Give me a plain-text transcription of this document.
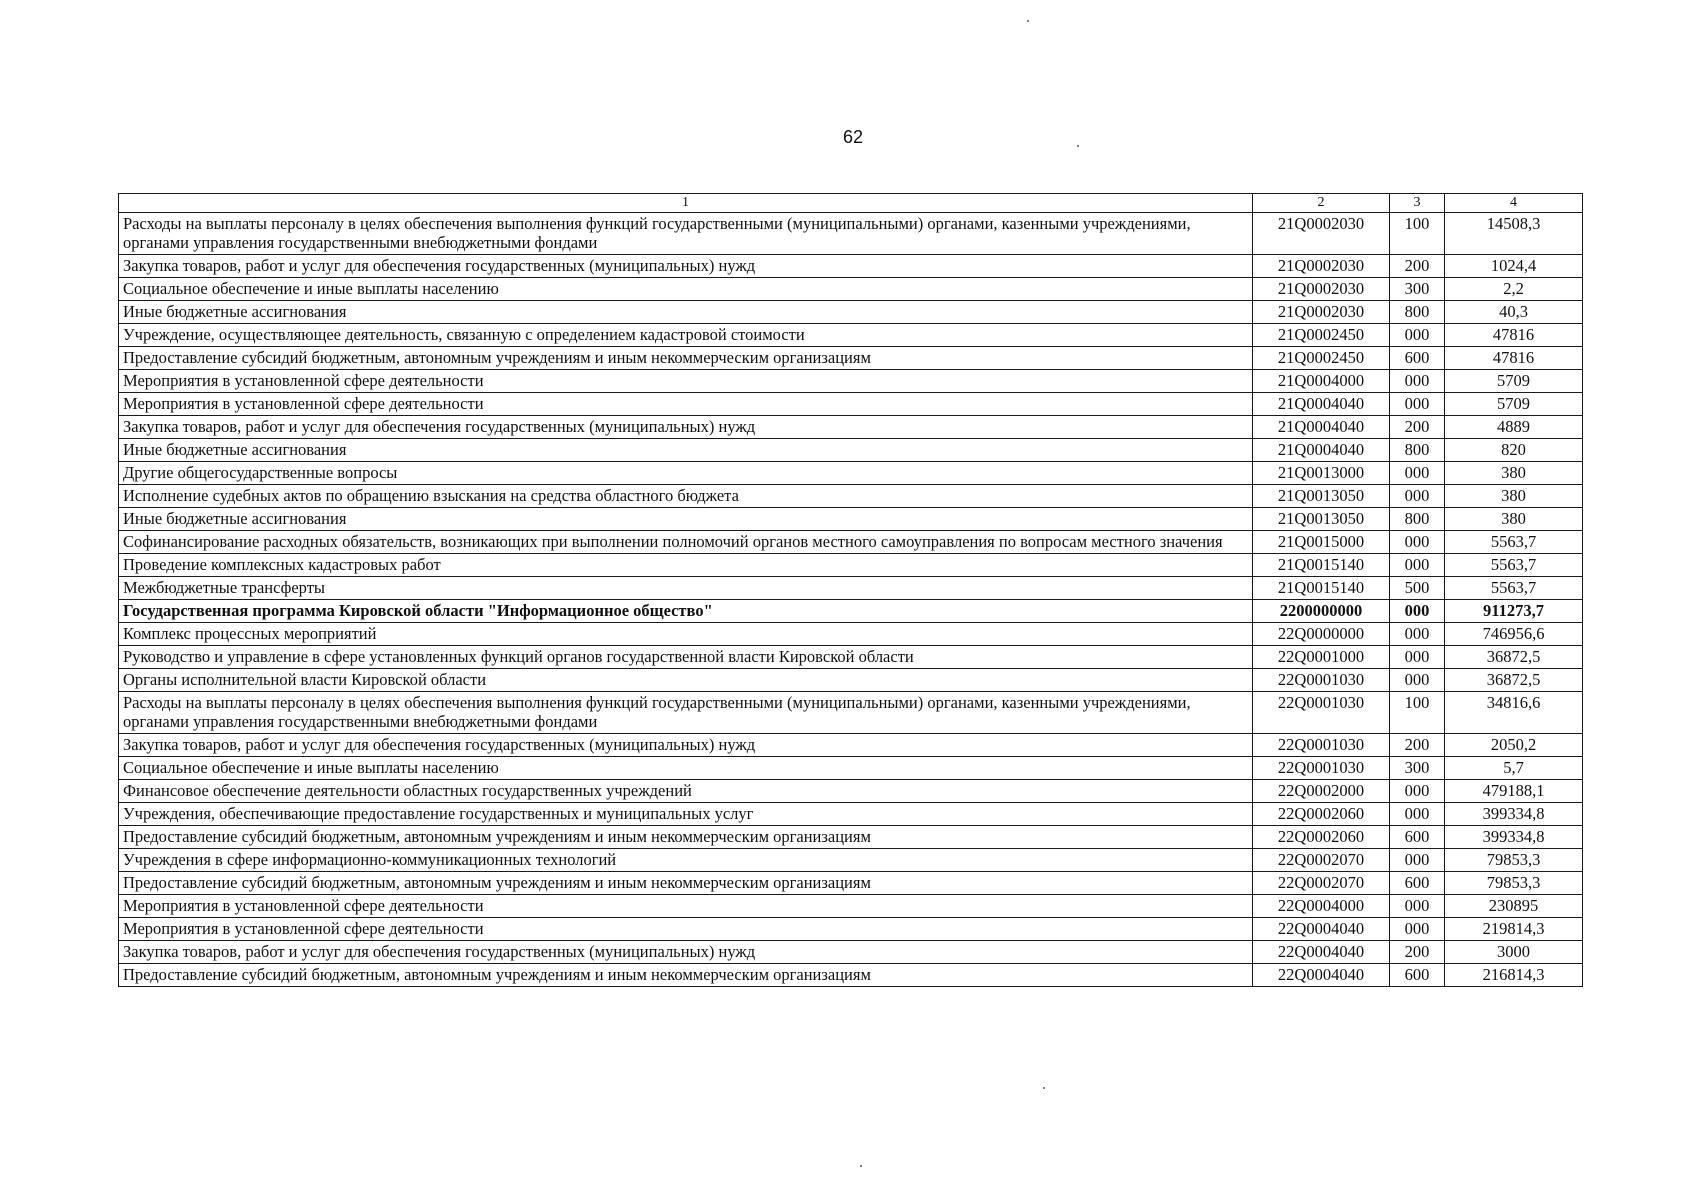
62
1	2	3	4
Расходы на выплаты персоналу в целях обеспечения выполнения функций государственными (муниципальными) органами, казенными учреждениями, органами управления государственными внебюджетными фондами	21Q0002030	100	14508,3
Закупка товаров, работ и услуг для обеспечения государственных (муниципальных) нужд	21Q0002030	200	1024,4
Социальное обеспечение и иные выплаты населению	21Q0002030	300	2,2
Иные бюджетные ассигнования	21Q0002030	800	40,3
Учреждение, осуществляющее деятельность, связанную с определением кадастровой стоимости	21Q0002450	000	47816
Предоставление субсидий бюджетным, автономным учреждениям и иным некоммерческим организациям	21Q0002450	600	47816
Мероприятия в установленной сфере деятельности	21Q0004000	000	5709
Мероприятия в установленной сфере деятельности	21Q0004040	000	5709
Закупка товаров, работ и услуг для обеспечения государственных (муниципальных) нужд	21Q0004040	200	4889
Иные бюджетные ассигнования	21Q0004040	800	820
Другие общегосударственные вопросы	21Q0013000	000	380
Исполнение судебных актов по обращению взыскания на средства областного бюджета	21Q0013050	000	380
Иные бюджетные ассигнования	21Q0013050	800	380
Софинансирование расходных обязательств, возникающих при выполнении полномочий органов местного самоуправления по вопросам местного значения	21Q0015000	000	5563,7
Проведение комплексных кадастровых работ	21Q0015140	000	5563,7
Межбюджетные трансферты	21Q0015140	500	5563,7
Государственная программа Кировской области "Информационное общество"	2200000000	000	911273,7
Комплекс процессных мероприятий	22Q0000000	000	746956,6
Руководство и управление в сфере установленных функций органов государственной власти Кировской области	22Q0001000	000	36872,5
Органы исполнительной власти Кировской области	22Q0001030	000	36872,5
Расходы на выплаты персоналу в целях обеспечения выполнения функций государственными (муниципальными) органами, казенными учреждениями, органами управления государственными внебюджетными фондами	22Q0001030	100	34816,6
Закупка товаров, работ и услуг для обеспечения государственных (муниципальных) нужд	22Q0001030	200	2050,2
Социальное обеспечение и иные выплаты населению	22Q0001030	300	5,7
Финансовое обеспечение деятельности областных государственных учреждений	22Q0002000	000	479188,1
Учреждения, обеспечивающие предоставление государственных и муниципальных услуг	22Q0002060	000	399334,8
Предоставление субсидий бюджетным, автономным учреждениям и иным некоммерческим организациям	22Q0002060	600	399334,8
Учреждения в сфере информационно-коммуникационных технологий	22Q0002070	000	79853,3
Предоставление субсидий бюджетным, автономным учреждениям и иным некоммерческим организациям	22Q0002070	600	79853,3
Мероприятия в установленной сфере деятельности	22Q0004000	000	230895
Мероприятия в установленной сфере деятельности	22Q0004040	000	219814,3
Закупка товаров, работ и услуг для обеспечения государственных (муниципальных) нужд	22Q0004040	200	3000
Предоставление субсидий бюджетным, автономным учреждениям и иным некоммерческим организациям	22Q0004040	600	216814,3
